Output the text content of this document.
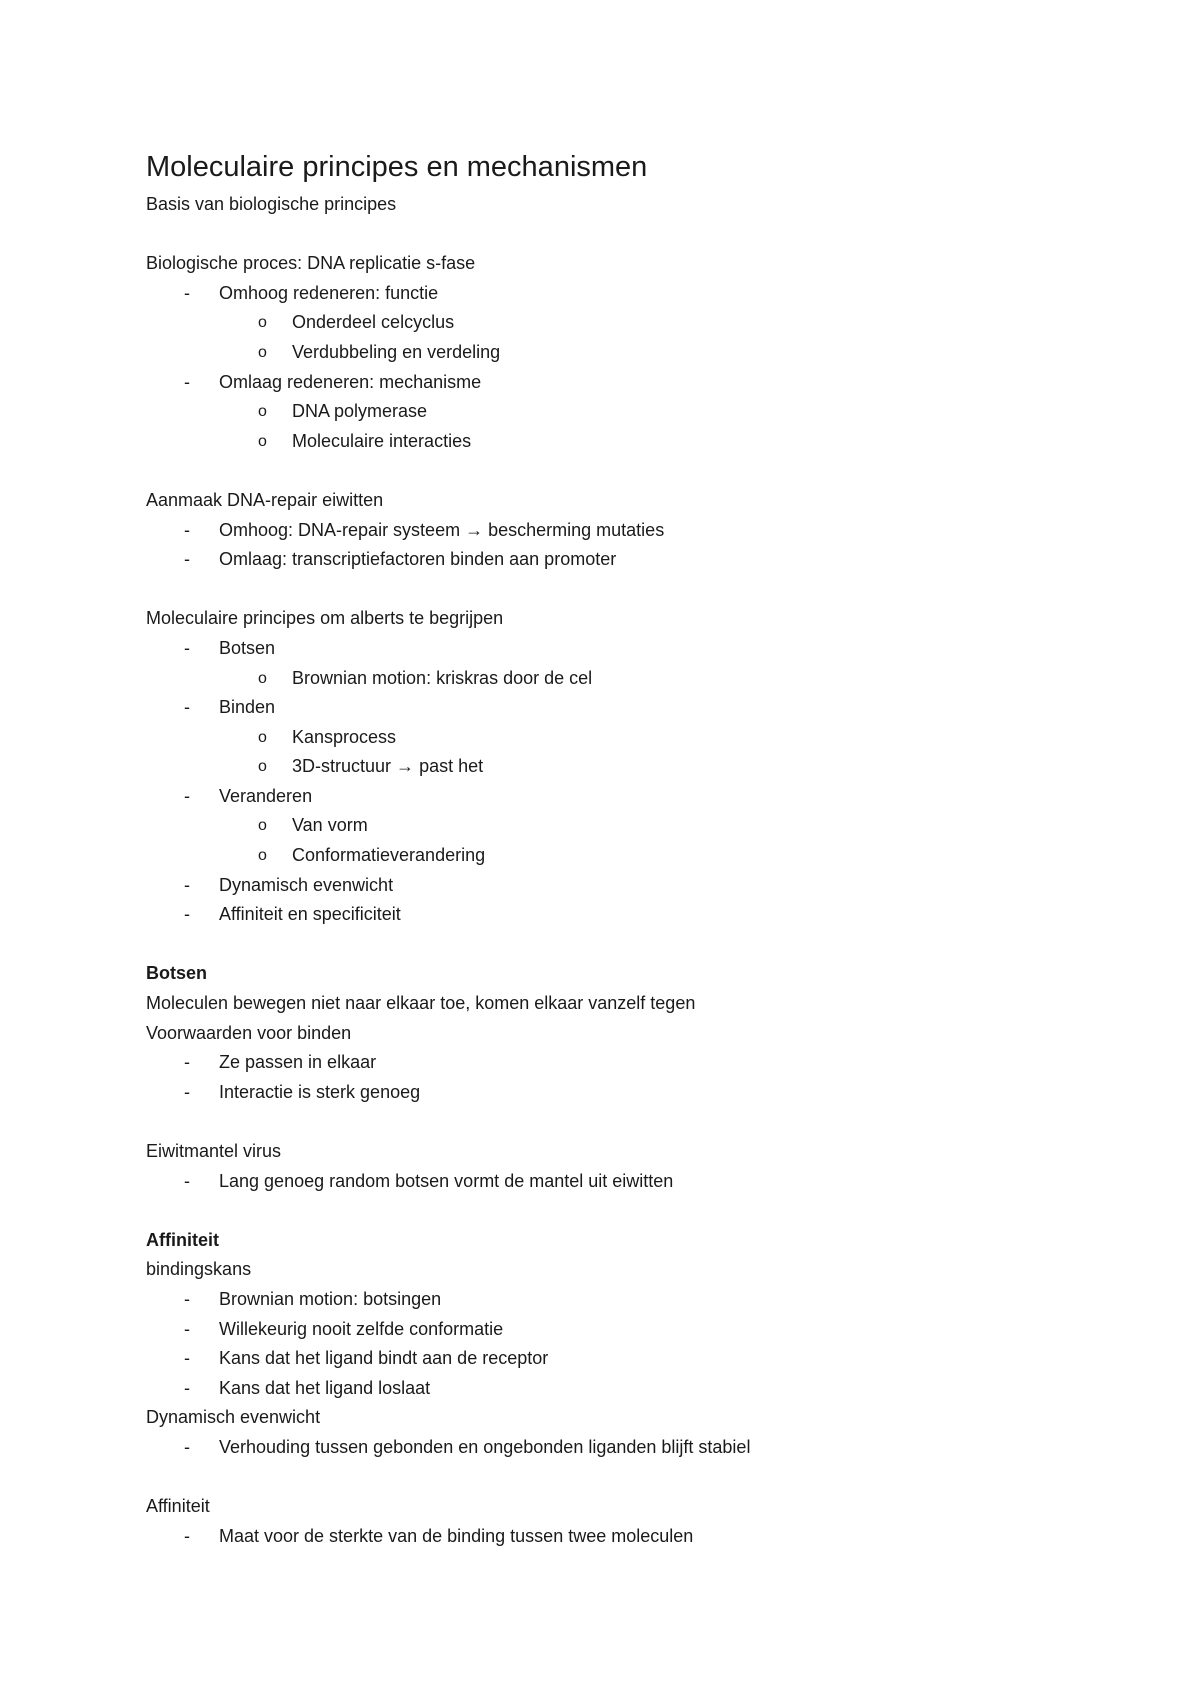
Moleculaire principes en mechanismen
Basis van biologische principes
Biologische proces: DNA replicatie s-fase
- Omhoog redeneren: functie
o Onderdeel celcyclus
o Verdubbeling en verdeling
- Omlaag redeneren: mechanisme
o DNA polymerase
o Moleculaire interacties
Aanmaak DNA-repair eiwitten
- Omhoog: DNA-repair systeem → bescherming mutaties
- Omlaag: transcriptiefactoren binden aan promoter
Moleculaire principes om alberts te begrijpen
- Botsen
o Brownian motion: kriskras door de cel
- Binden
o Kansprocess
o 3D-structuur → past het
- Veranderen
o Van vorm
o Conformatieverandering
- Dynamisch evenwicht
- Affiniteit en specificiteit
Botsen
Moleculen bewegen niet naar elkaar toe, komen elkaar vanzelf tegen
Voorwaarden voor binden
- Ze passen in elkaar
- Interactie is sterk genoeg
Eiwitmantel virus
- Lang genoeg random botsen vormt de mantel uit eiwitten
Affiniteit
bindingskans
- Brownian motion: botsingen
- Willekeurig nooit zelfde conformatie
- Kans dat het ligand bindt aan de receptor
- Kans dat het ligand loslaat
Dynamisch evenwicht
- Verhouding tussen gebonden en ongebonden liganden blijft stabiel
Affiniteit
- Maat voor de sterkte van de binding tussen twee moleculen
